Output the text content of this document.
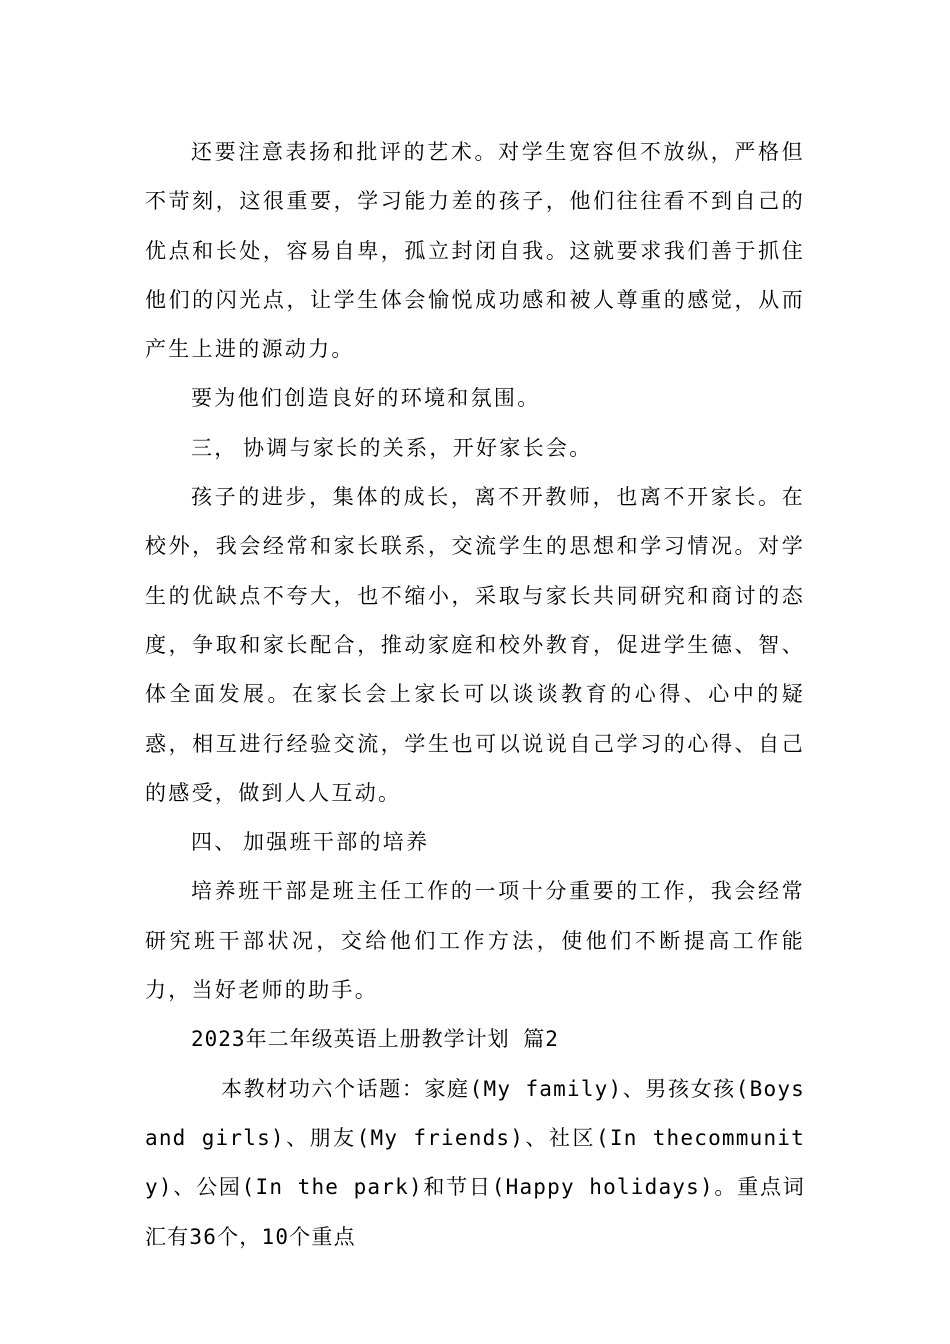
还要注意表扬和批评的艺术。对学生宽容但不放纵，严格但不苛刻，这很重要，学习能力差的孩子，他们往往看不到自己的优点和长处，容易自卑，孤立封闭自我。这就要求我们善于抓住他们的闪光点，让学生体会愉悦成功感和被人尊重的感觉，从而产生上进的源动力。

要为他们创造良好的环境和氛围。

三， 协调与家长的关系，开好家长会。

孩子的进步，集体的成长，离不开教师，也离不开家长。在校外，我会经常和家长联系，交流学生的思想和学习情况。对学生的优缺点不夸大，也不缩小，采取与家长共同研究和商讨的态度，争取和家长配合，推动家庭和校外教育，促进学生德、智、体全面发展。在家长会上家长可以谈谈教育的心得、心中的疑惑，相互进行经验交流，学生也可以说说自己学习的心得、自己的感受，做到人人互动。

四、 加强班干部的培养

培养班干部是班主任工作的一项十分重要的工作，我会经常研究班干部状况，交给他们工作方法，使他们不断提高工作能力，当好老师的助手。

2023年二年级英语上册教学计划 篇2

本教材功六个话题：家庭(My family)、男孩女孩(Boys and girls)、朋友(My friends)、社区(In thecommunity)、公园(In the park)和节日(Happy holidays)。重点词汇有36个，10个重点
